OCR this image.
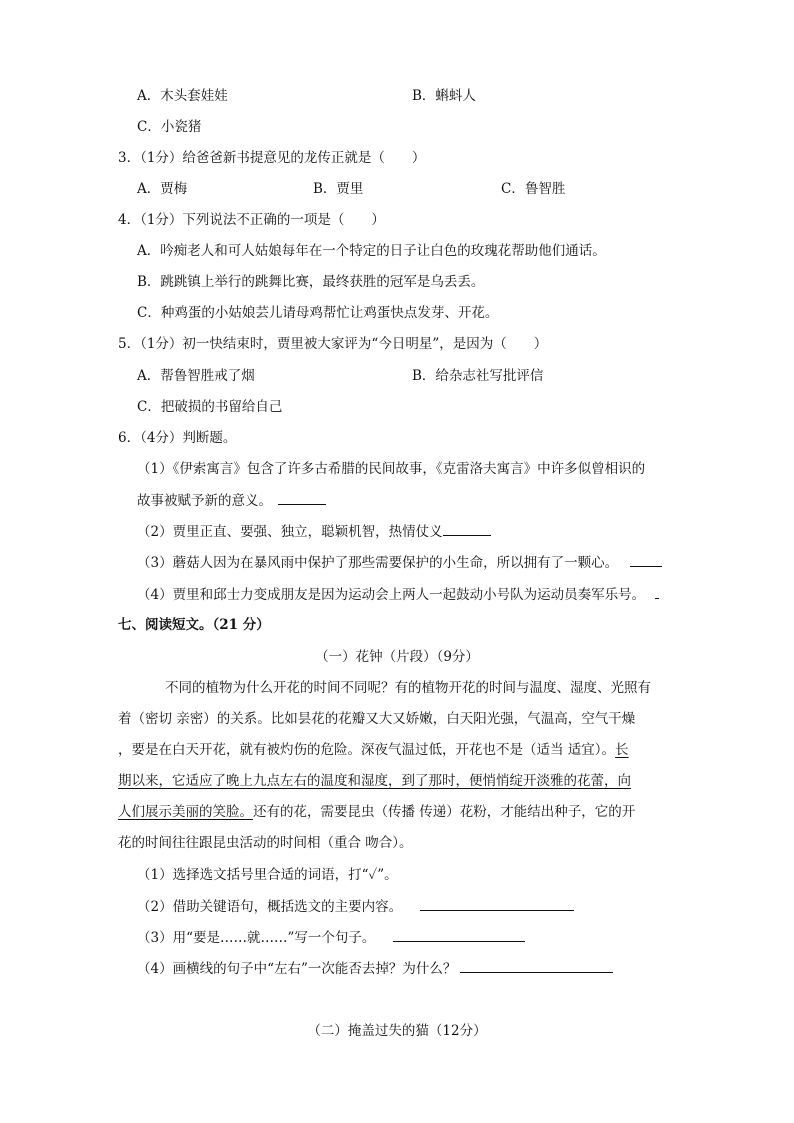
A．木头套娃娃	B．蝌蚪人
C．小瓷猪
3．（1分）给爸爸新书提意见的龙传正就是（　　）
A．贾梅	B．贾里	C．鲁智胜
4．（1分）下列说法不正确的一项是（　　）
A．吟痴老人和可人姑娘每年在一个特定的日子让白色的玫瑰花帮助他们通话。
B．跳跳镇上举行的跳舞比赛，最终获胜的冠军是乌丢丢。
C．种鸡蛋的小姑娘芸儿请母鸡帮忙让鸡蛋快点发芽、开花。
5．（1分）初一快结束时，贾里被大家评为“今日明星”，是因为（　　）
A．帮鲁智胜戒了烟	B．给杂志社写批评信
C．把破损的书留给自己
6．（4分）判断题。
（1）《伊索寓言》包含了许多古希腊的民间故事，《克雷洛夫寓言》中许多似曾相识的
故事被赋予新的意义。
（2）贾里正直、要强、独立，聪颖机智，热情仗义
（3）蘑菇人因为在暴风雨中保护了那些需要保护的小生命，所以拥有了一颗心。
（4）贾里和邱士力变成朋友是因为运动会上两人一起鼓动小号队为运动员奏军乐号。
七、阅读短文。（21 分）
（一）花钟（片段）（9分）
不同的植物为什么开花的时间不同呢？有的植物开花的时间与温度、湿度、光照有
着（密切 亲密）的关系。比如昙花的花瓣又大又娇嫩，白天阳光强，气温高，空气干燥
，要是在白天开花，就有被灼伤的危险。深夜气温过低，开花也不是（适当 适宜）。长
期以来，它适应了晚上九点左右的温度和湿度，到了那时，便悄悄绽开淡雅的花蕾，向
人们展示美丽的笑脸。还有的花，需要昆虫（传播 传递）花粉，才能结出种子，它的开
花的时间往往跟昆虫活动的时间相（重合 吻合）。
（1）选择选文括号里合适的词语，打“✓”。
（2）借助关键语句，概括选文的主要内容。
（3）用“要是……就……”写一个句子。
（4）画横线的句子中“左右”一次能否去掉？为什么？
（二）掩盖过失的猫（12分）
